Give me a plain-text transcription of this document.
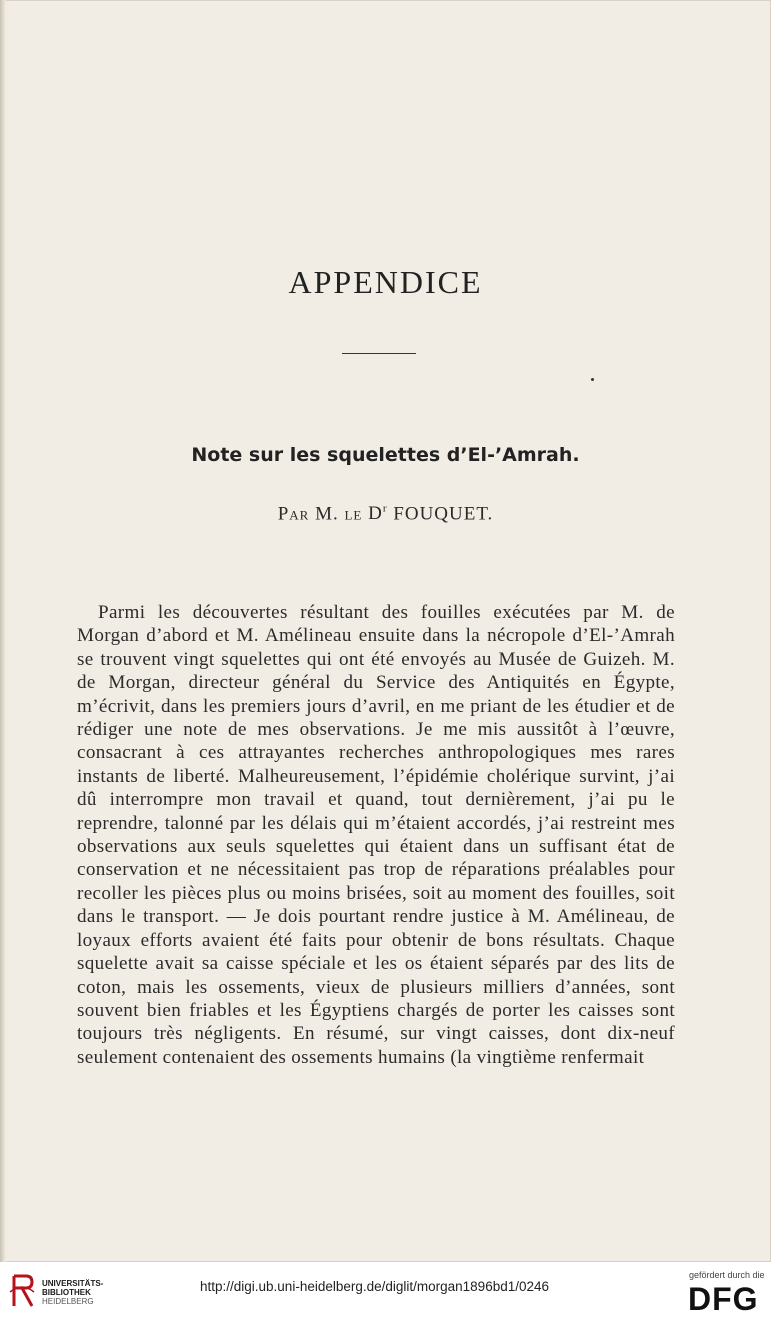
APPENDICE
Note sur les squelettes d’El-’Amrah.
Par M. le $D^r$ FOUQUET.

Parmi les découvertes résultant des fouilles exécutées par M. de Morgan d’abord et M. Amélineau ensuite dans la nécropole d’El-’Amrah se trouvent vingt squelettes qui ont été envoyés au Musée de Guizeh. M. de Morgan, directeur général du Service des Antiquités en Égypte, m’écrivit, dans les premiers jours d’avril, en me priant de les étudier et de rédiger une note de mes observations. Je me mis aussitôt à l’œuvre, consacrant à ces attrayantes recherches anthropologiques mes rares instants de liberté. Malheureusement, l’épidémie cholérique survint, j’ai dû interrompre mon travail et quand, tout dernièrement, j’ai pu le reprendre, talonné par les délais qui m’étaient accordés, j’ai restreint mes observations aux seuls squelettes qui étaient dans un suffisant état de conservation et ne nécessitaient pas trop de réparations préalables pour recoller les pièces plus ou moins brisées, soit au moment des fouilles, soit dans le transport. — Je dois pourtant rendre justice à M. Amélineau, de loyaux efforts avaient été faits pour obtenir de bons résultats. Chaque squelette avait sa caisse spéciale et les os étaient séparés par des lits de coton, mais les ossements, vieux de plusieurs milliers d’années, sont souvent bien friables et les Égyptiens chargés de porter les caisses sont toujours très négligents. En résumé, sur vingt caisses, dont dix-neuf seulement contenaient des ossements humains (la vingtième renfermait

UNIVERSITÄTS-
BIBLIOTHEK
HEIDELBERG
http://digi.ub.uni-heidelberg.de/diglit/morgan1896bd1/0246
gefördert durch die
DFG
